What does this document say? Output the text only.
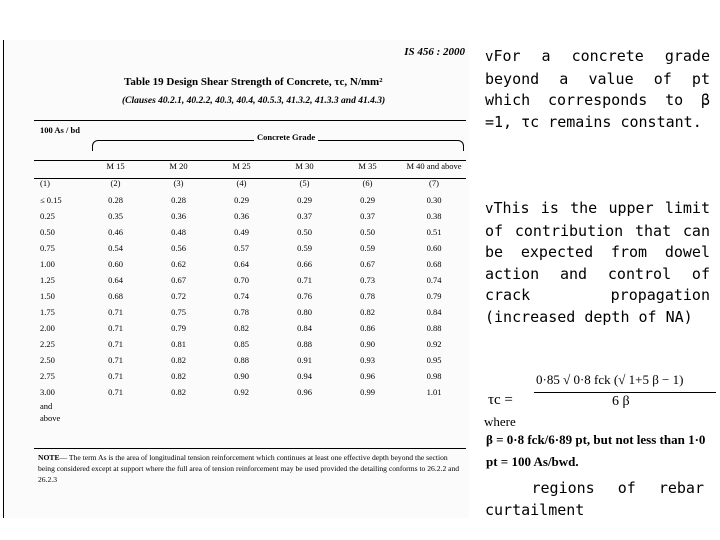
IS 456 : 2000
Table 19 Design Shear Strength of Concrete, τc, N/mm²
(Clauses 40.2.1, 40.2.2, 40.3, 40.4, 40.5.3, 41.3.2, 41.3.3 and 41.4.3)
100 As / bd
Concrete Grade
	M 15	M 20	M 25	M 30	M 35	M 40 and above
(1)	(2)	(3)	(4)	(5)	(6)	(7)
≤ 0.15	0.28	0.28	0.29	0.29	0.29	0.30
0.25	0.35	0.36	0.36	0.37	0.37	0.38
0.50	0.46	0.48	0.49	0.50	0.50	0.51
0.75	0.54	0.56	0.57	0.59	0.59	0.60
1.00	0.60	0.62	0.64	0.66	0.67	0.68
1.25	0.64	0.67	0.70	0.71	0.73	0.74
1.50	0.68	0.72	0.74	0.76	0.78	0.79
1.75	0.71	0.75	0.78	0.80	0.82	0.84
2.00	0.71	0.79	0.82	0.84	0.86	0.88
2.25	0.71	0.81	0.85	0.88	0.90	0.92
2.50	0.71	0.82	0.88	0.91	0.93	0.95
2.75	0.71	0.82	0.90	0.94	0.96	0.98
3.00	0.71	0.82	0.92	0.96	0.99	1.01
and						
above						
NOTE— The term As is the area of longitudinal tension reinforcement which continues at least one effective depth beyond the section being considered except at support where the full area of tension reinforcement may be used provided the detailing conforms to 26.2.2 and 26.2.3
vFor a concrete grade beyond a value of pt which corresponds to β =1, τc remains constant.
vThis is the upper limit of contribution that can be expected from dowel action and control of crack propagation (increased depth of NA)
τc =
0·85 √ 0·8 fck (√ 1+5 β − 1)
6 β
where
β = 0·8 fck/6·89 pt, but not less than 1·0
pt = 100 As/bwd.
regions of rebar
curtailment
